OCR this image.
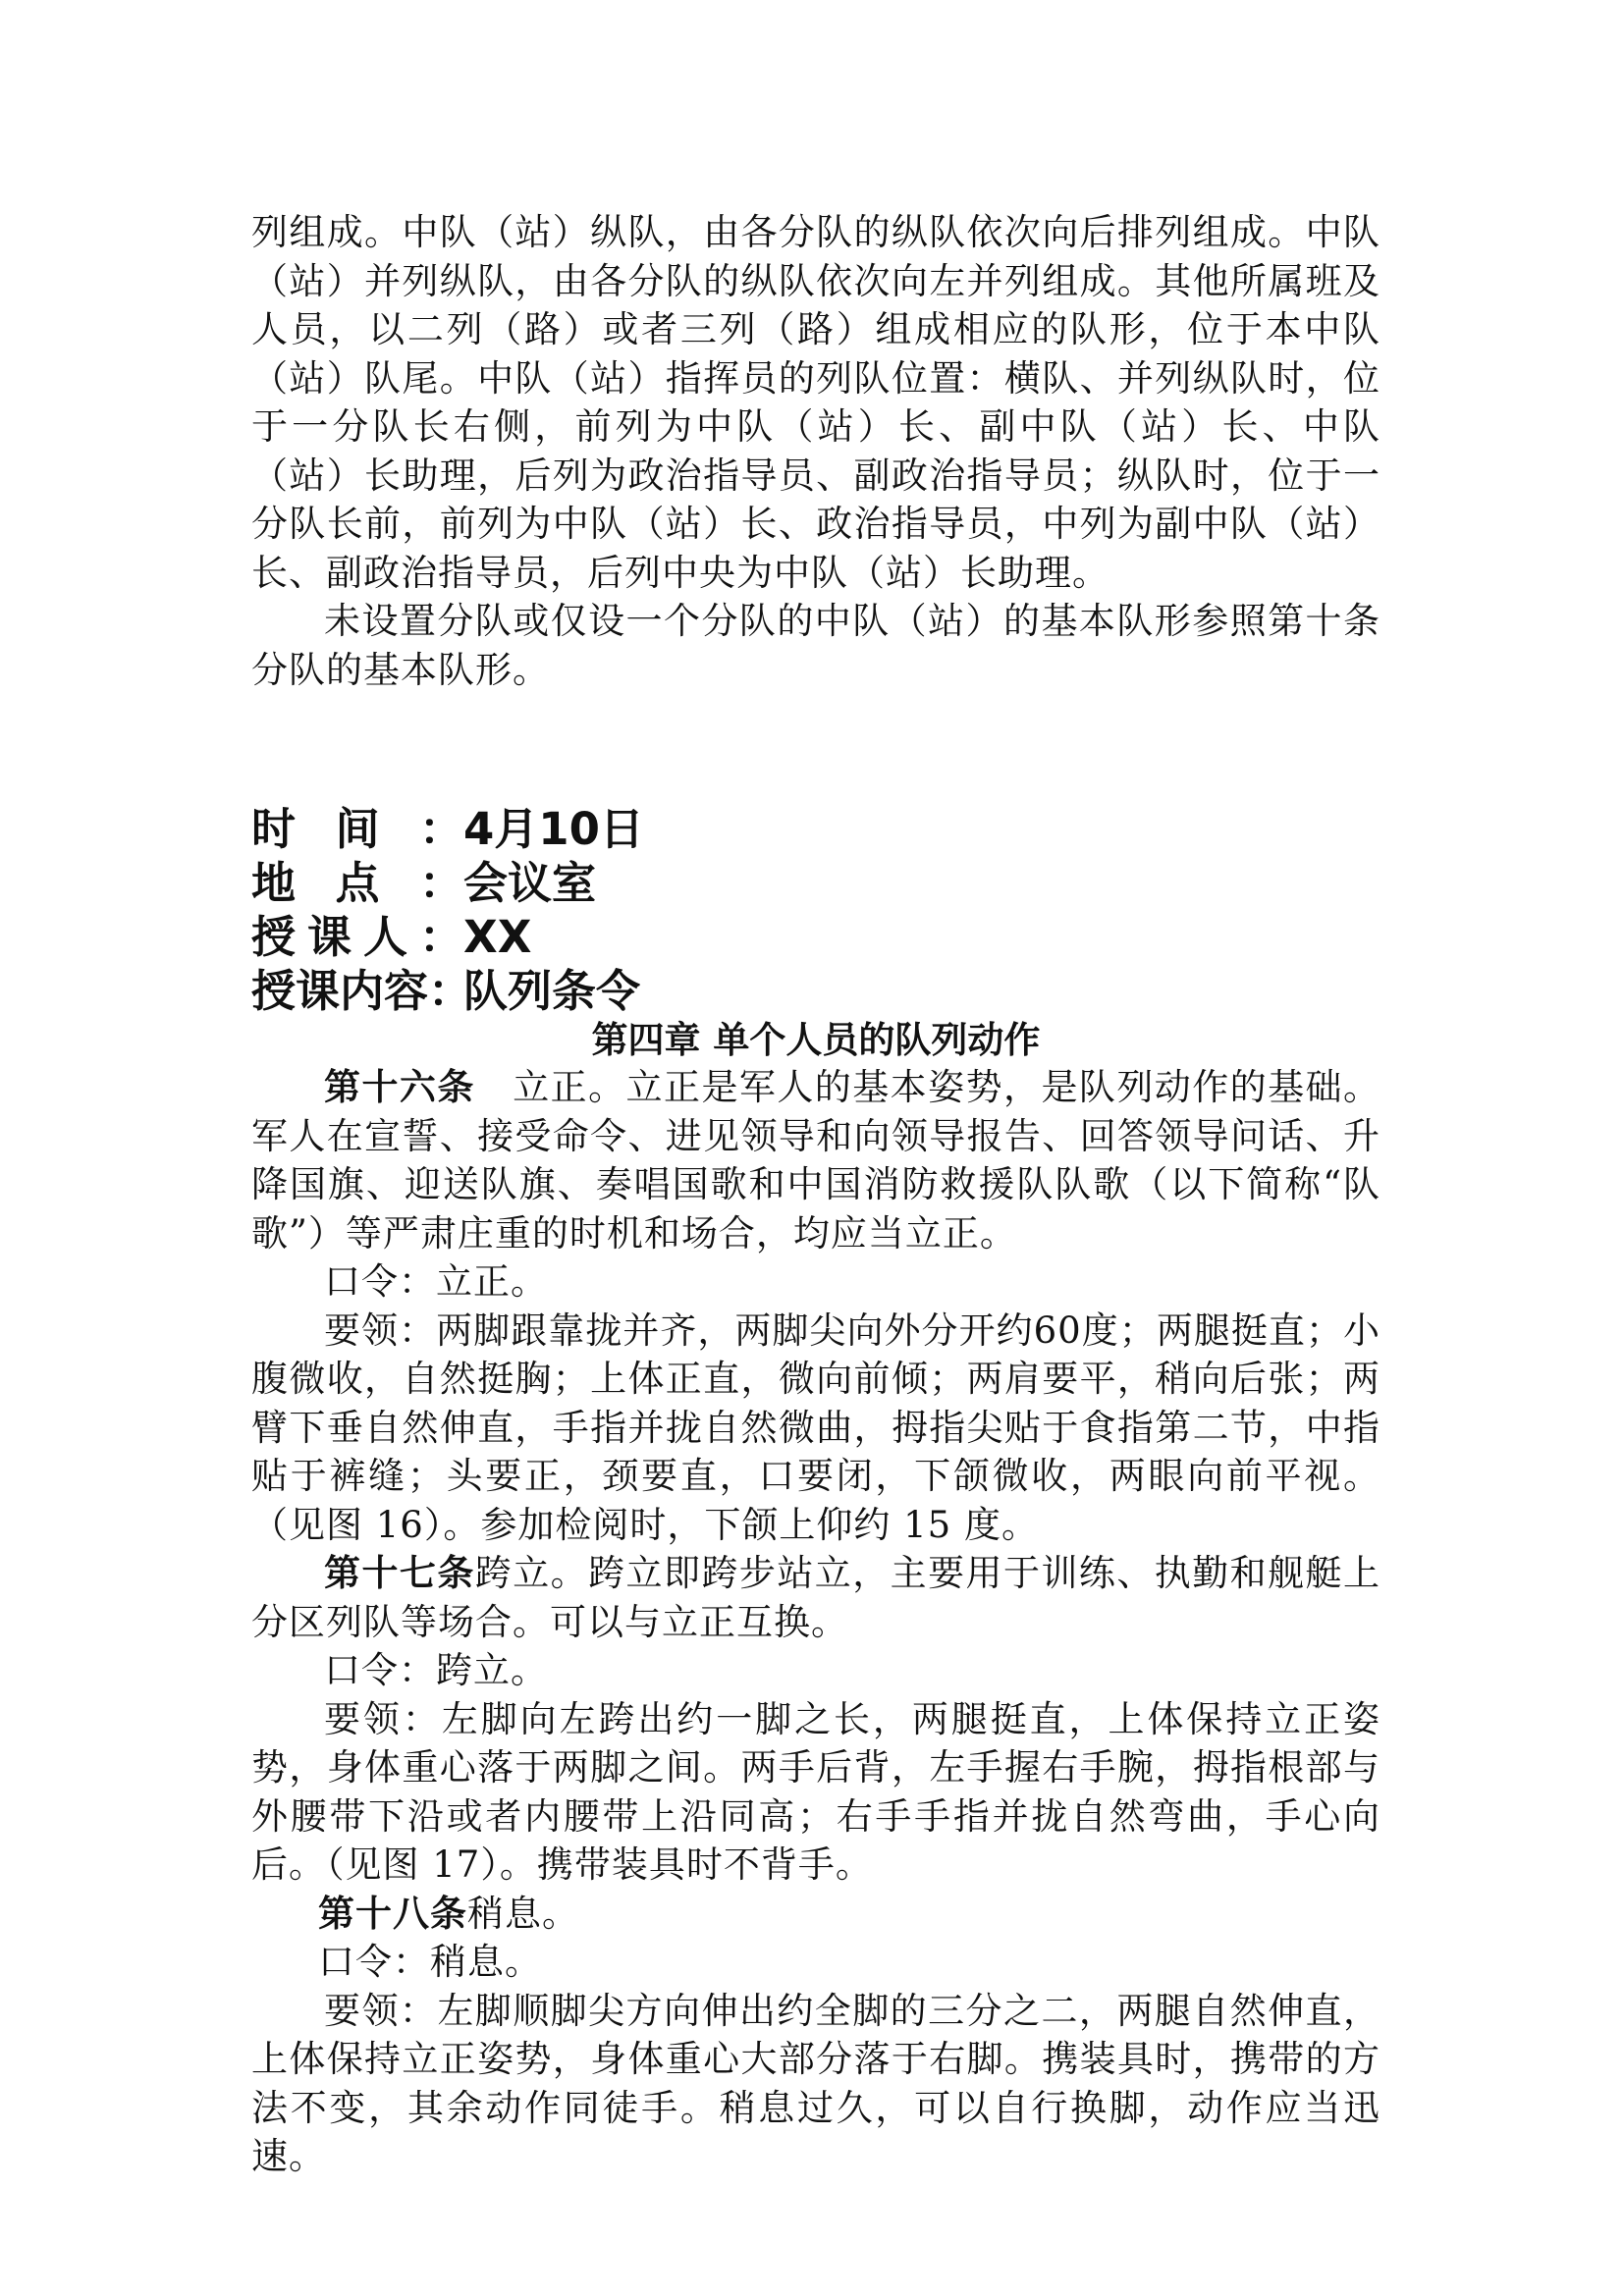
列组成。中队（站）纵队，由各分队的纵队依次向后排列组成。中队（站）并列纵队，由各分队的纵队依次向左并列组成。其他所属班及人员，以二列（路）或者三列（路）组成相应的队形，位于本中队（站）队尾。中队（站）指挥员的列队位置：横队、并列纵队时，位于一分队长右侧，前列为中队（站）长、副中队（站）长、中队（站）长助理，后列为政治指导员、副政治指导员；纵队时，位于一分队长前，前列为中队（站）长、政治指导员，中列为副中队（站）长、副政治指导员，后列中央为中队（站）长助理。

未设置分队或仅设一个分队的中队（站）的基本队形参照第十条分队的基本队形。

时间：4月10日

地点：会议室

授课人：XX

授课内容：队列条令

第四章 单个人员的队列动作

第十六条　立正。立正是军人的基本姿势，是队列动作的基础。军人在宣誓、接受命令、进见领导和向领导报告、回答领导问话、升降国旗、迎送队旗、奏唱国歌和中国消防救援队队歌（以下简称“队歌”）等严肃庄重的时机和场合，均应当立正。

口令：立正。

要领：两脚跟靠拢并齐，两脚尖向外分开约60度；两腿挺直；小腹微收，自然挺胸；上体正直，微向前倾；两肩要平，稍向后张；两臂下垂自然伸直，手指并拢自然微曲，拇指尖贴于食指第二节，中指贴于裤缝；头要正，颈要直，口要闭，下颌微收，两眼向前平视。（见图 16）。参加检阅时，下颌上仰约 15 度。

第十七条跨立。跨立即跨步站立，主要用于训练、执勤和舰艇上分区列队等场合。可以与立正互换。

口令：跨立。

要领：左脚向左跨出约一脚之长，两腿挺直，上体保持立正姿势，身体重心落于两脚之间。两手后背，左手握右手腕，拇指根部与外腰带下沿或者内腰带上沿同高；右手手指并拢自然弯曲，手心向后。（见图 17）。携带装具时不背手。

第十八条稍息。

口令：稍息。

要领：左脚顺脚尖方向伸出约全脚的三分之二，两腿自然伸直，上体保持立正姿势，身体重心大部分落于右脚。携装具时，携带的方法不变，其余动作同徒手。稍息过久，可以自行换脚，动作应当迅速。
